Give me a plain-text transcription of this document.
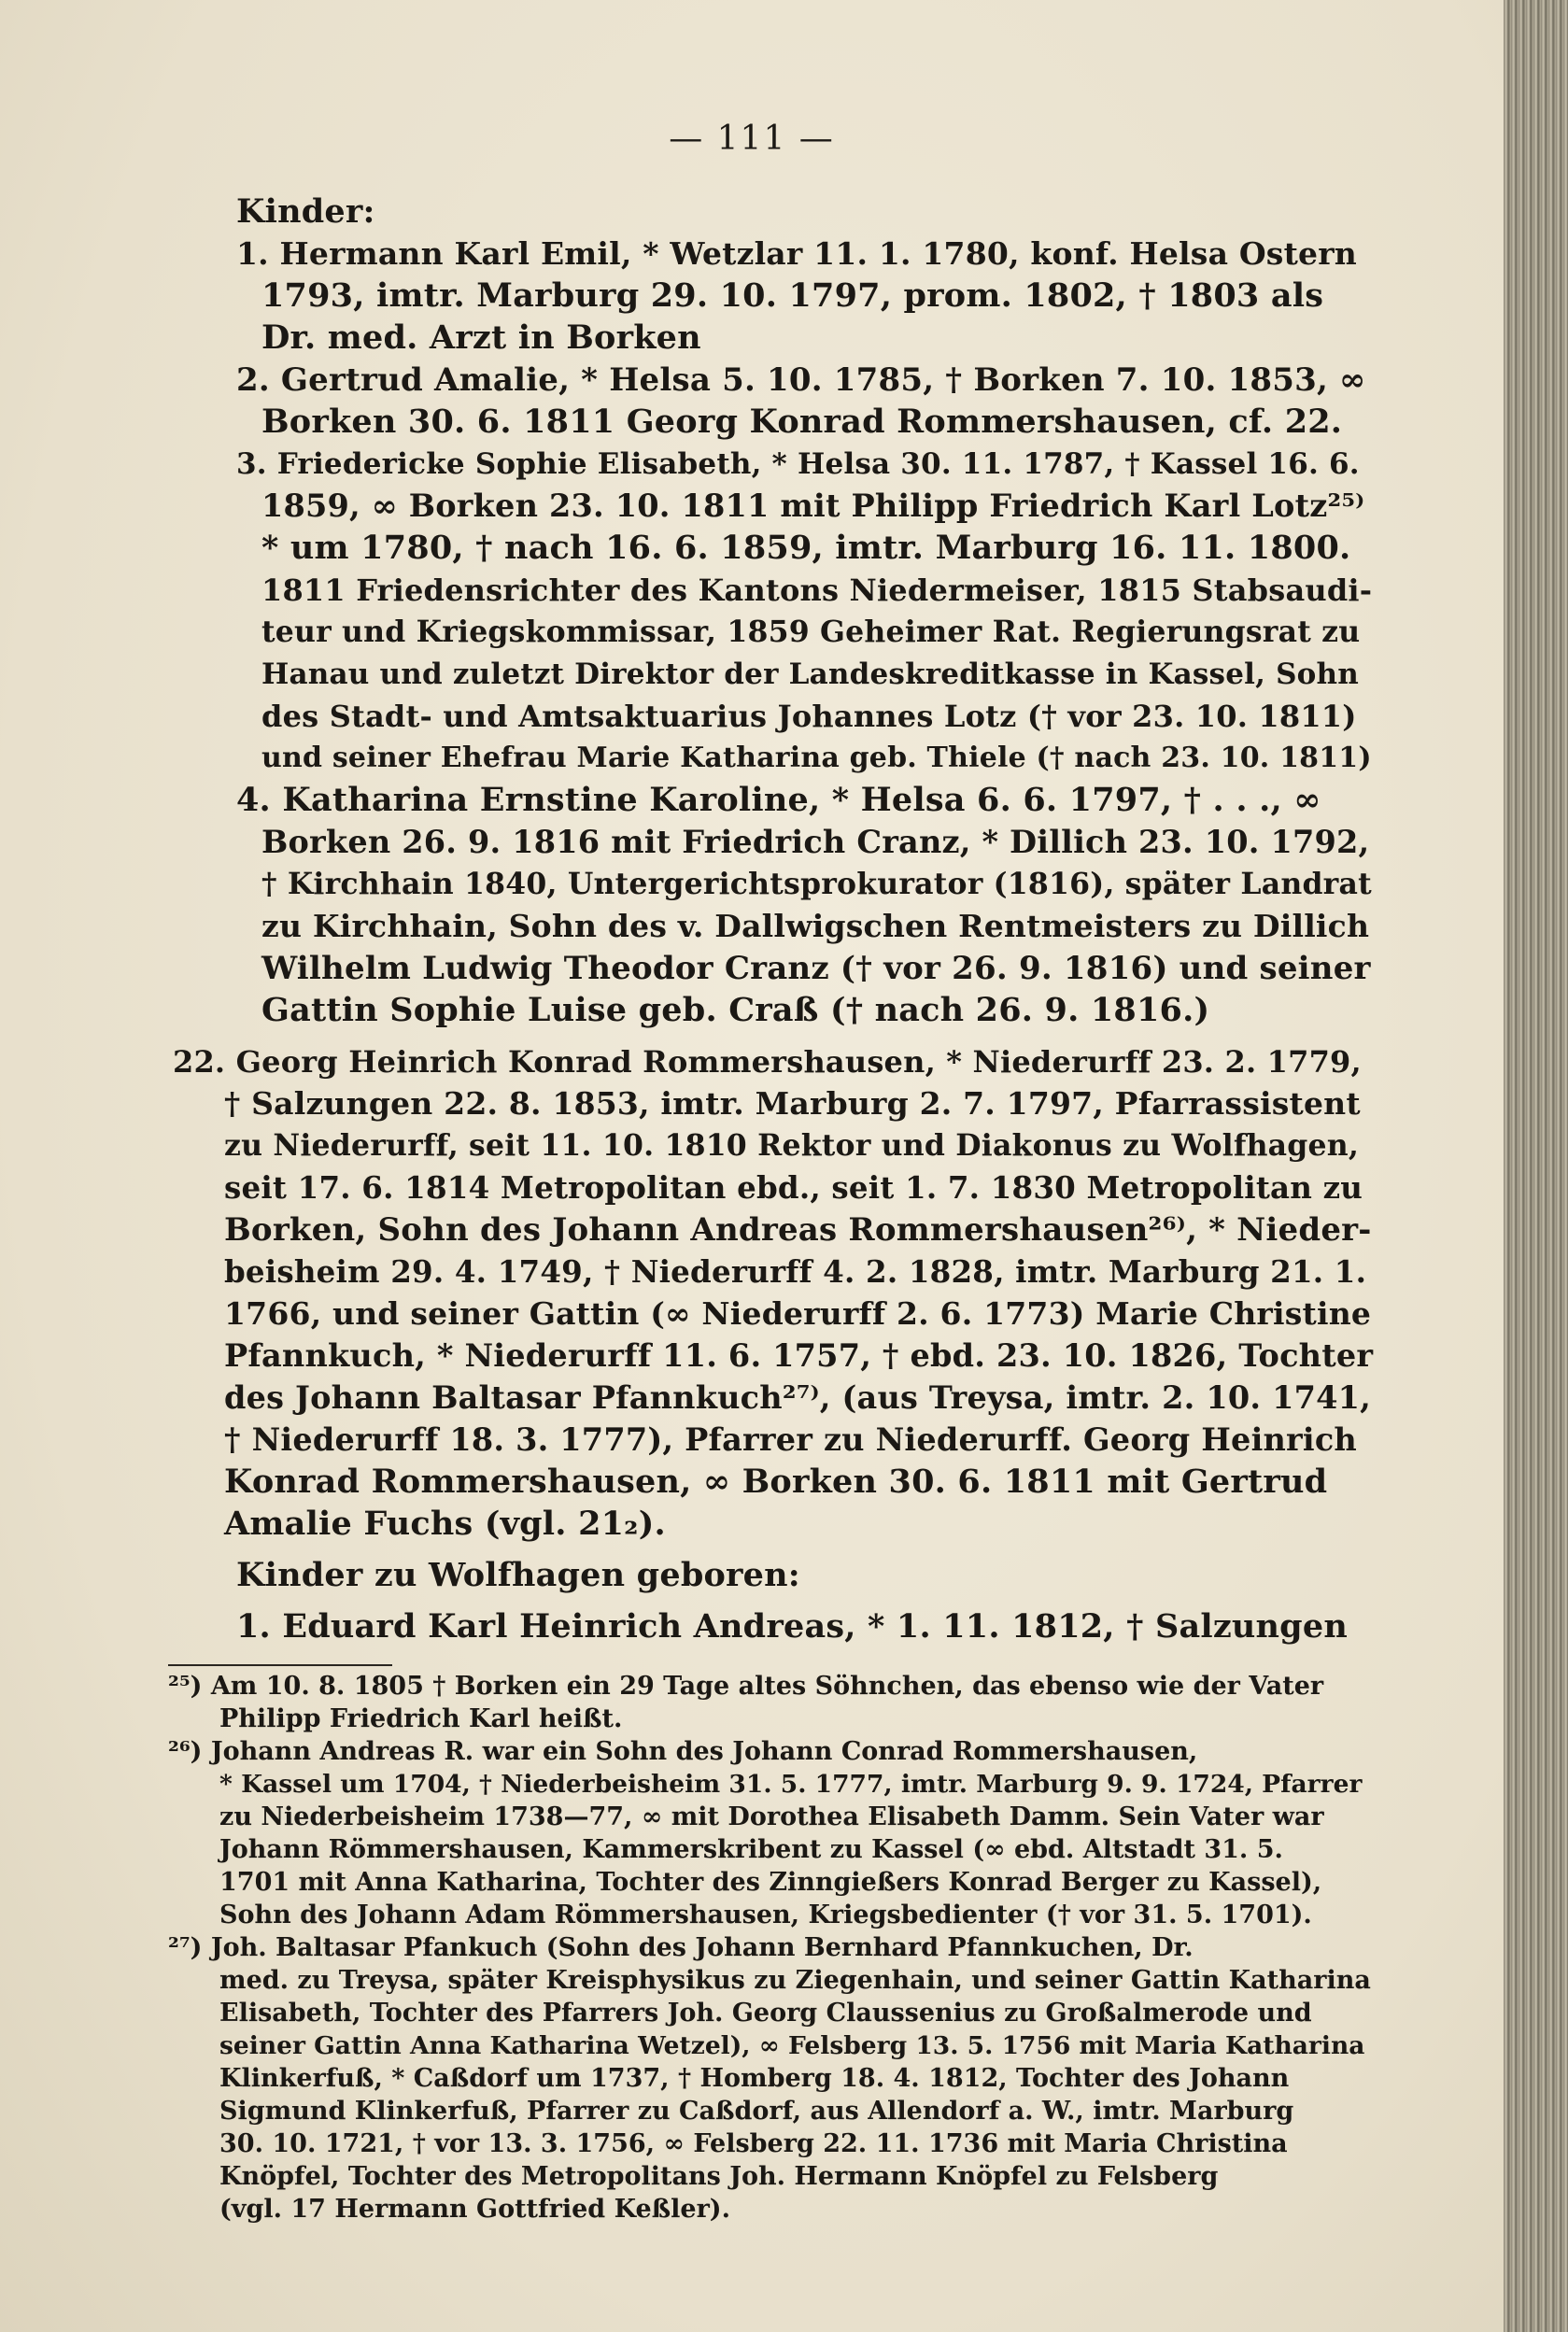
— 111 —
Kinder:
1. Hermann Karl Emil, * Wetzlar 11. 1. 1780, konf. Helsa Ostern
1793, imtr. Marburg 29. 10. 1797, prom. 1802, † 1803 als
Dr. med. Arzt in Borken
2. Gertrud Amalie, * Helsa 5. 10. 1785, † Borken 7. 10. 1853, ∞
Borken 30. 6. 1811 Georg Konrad Rommershausen, cf. 22.
3. Friedericke Sophie Elisabeth, * Helsa 30. 11. 1787, † Kassel 16. 6.
1859, ∞ Borken 23. 10. 1811 mit Philipp Friedrich Karl Lotz²⁵⁾
* um 1780, † nach 16. 6. 1859, imtr. Marburg 16. 11. 1800.
1811 Friedensrichter des Kantons Niedermeiser, 1815 Stabsaudi-
teur und Kriegskommissar, 1859 Geheimer Rat. Regierungsrat zu
Hanau und zuletzt Direktor der Landeskreditkasse in Kassel, Sohn
des Stadt- und Amtsaktuarius Johannes Lotz († vor 23. 10. 1811)
und seiner Ehefrau Marie Katharina geb. Thiele († nach 23. 10. 1811)
4. Katharina Ernstine Karoline, * Helsa 6. 6. 1797, † . . ., ∞
Borken 26. 9. 1816 mit Friedrich Cranz, * Dillich 23. 10. 1792,
† Kirchhain 1840, Untergerichtsprokurator (1816), später Landrat
zu Kirchhain, Sohn des v. Dallwigschen Rentmeisters zu Dillich
Wilhelm Ludwig Theodor Cranz († vor 26. 9. 1816) und seiner
Gattin Sophie Luise geb. Craß († nach 26. 9. 1816.)
22. Georg Heinrich Konrad Rommershausen, * Niederurff 23. 2. 1779,
† Salzungen 22. 8. 1853, imtr. Marburg 2. 7. 1797, Pfarrassistent
zu Niederurff, seit 11. 10. 1810 Rektor und Diakonus zu Wolfhagen,
seit 17. 6. 1814 Metropolitan ebd., seit 1. 7. 1830 Metropolitan zu
Borken, Sohn des Johann Andreas Rommershausen²⁶⁾, * Nieder-
beisheim 29. 4. 1749, † Niederurff 4. 2. 1828, imtr. Marburg 21. 1.
1766, und seiner Gattin (∞ Niederurff 2. 6. 1773) Marie Christine
Pfannkuch, * Niederurff 11. 6. 1757, † ebd. 23. 10. 1826, Tochter
des Johann Baltasar Pfannkuch²⁷⁾, (aus Treysa, imtr. 2. 10. 1741,
† Niederurff 18. 3. 1777), Pfarrer zu Niederurff. Georg Heinrich
Konrad Rommershausen, ∞ Borken 30. 6. 1811 mit Gertrud
Amalie Fuchs (vgl. 21₂).
Kinder zu Wolfhagen geboren:
1. Eduard Karl Heinrich Andreas, * 1. 11. 1812, † Salzungen
²⁵) Am 10. 8. 1805 † Borken ein 29 Tage altes Söhnchen, das ebenso wie der Vater
Philipp Friedrich Karl heißt.
²⁶) Johann Andreas R. war ein Sohn des Johann Conrad Rommershausen,
* Kassel um 1704, † Niederbeisheim 31. 5. 1777, imtr. Marburg 9. 9. 1724, Pfarrer
zu Niederbeisheim 1738—77, ∞ mit Dorothea Elisabeth Damm. Sein Vater war
Johann Römmershausen, Kammerskribent zu Kassel (∞ ebd. Altstadt 31. 5.
1701 mit Anna Katharina, Tochter des Zinngießers Konrad Berger zu Kassel),
Sohn des Johann Adam Römmershausen, Kriegsbedienter († vor 31. 5. 1701).
²⁷) Joh. Baltasar Pfankuch (Sohn des Johann Bernhard Pfannkuchen, Dr.
med. zu Treysa, später Kreisphysikus zu Ziegenhain, und seiner Gattin Katharina
Elisabeth, Tochter des Pfarrers Joh. Georg Claussenius zu Großalmerode und
seiner Gattin Anna Katharina Wetzel), ∞ Felsberg 13. 5. 1756 mit Maria Katharina
Klinkerfuß, * Caßdorf um 1737, † Homberg 18. 4. 1812, Tochter des Johann
Sigmund Klinkerfuß, Pfarrer zu Caßdorf, aus Allendorf a. W., imtr. Marburg
30. 10. 1721, † vor 13. 3. 1756, ∞ Felsberg 22. 11. 1736 mit Maria Christina
Knöpfel, Tochter des Metropolitans Joh. Hermann Knöpfel zu Felsberg
(vgl. 17 Hermann Gottfried Keßler).
